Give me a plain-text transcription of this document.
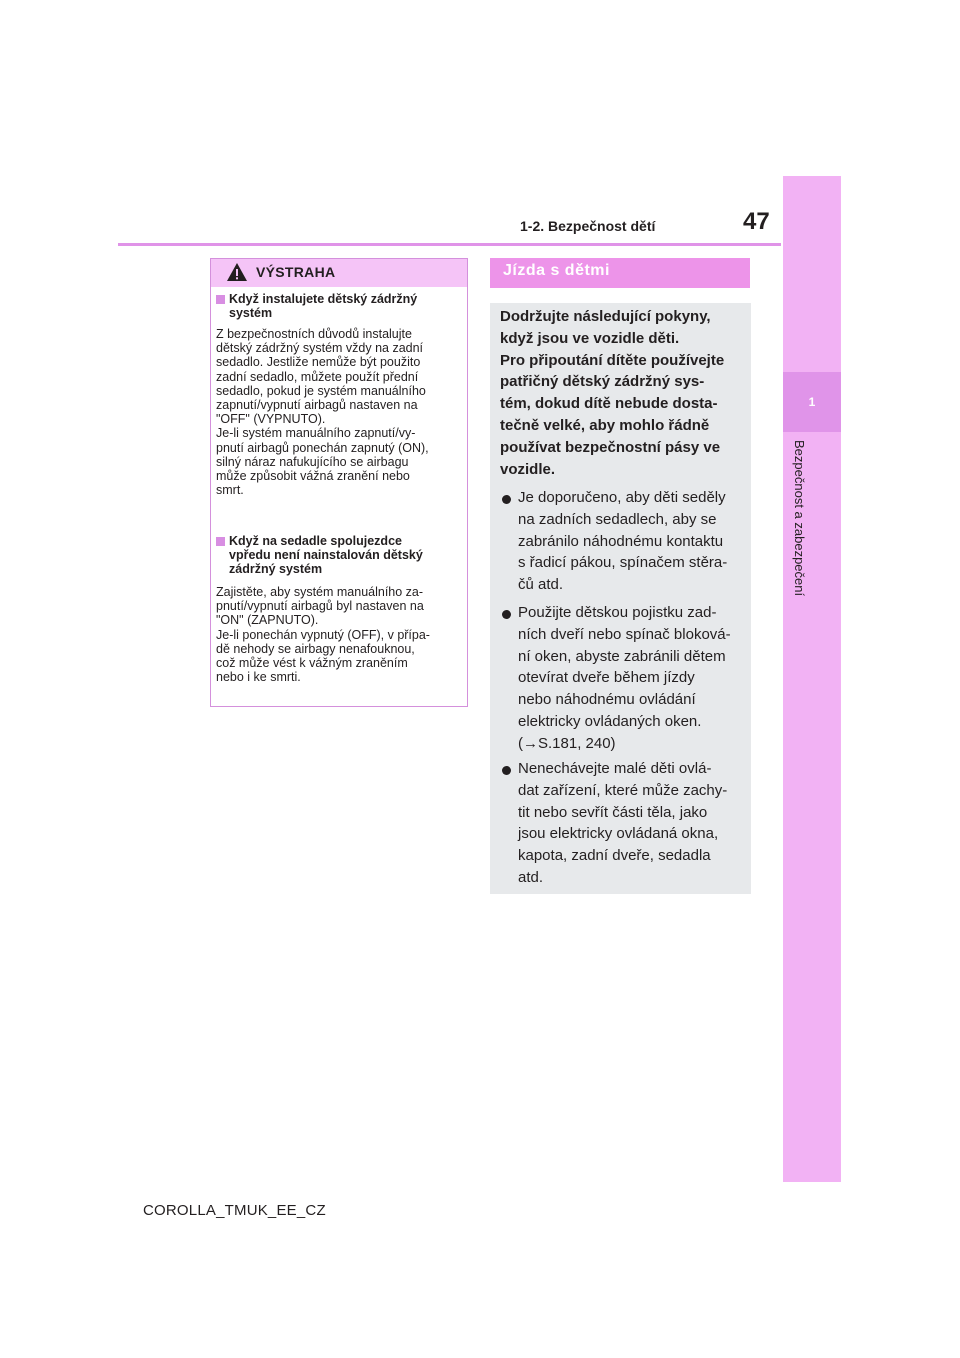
1-2. Bezpečnost dětí	47
1
Bezpečnost a zabezpečení
VÝSTRAHA
Když instalujete dětský zádržný
systém
Z bezpečnostních důvodů instalujte
dětský zádržný systém vždy na zadní
sedadlo. Jestliže nemůže být použito
zadní sedadlo, můžete použít přední
sedadlo, pokud je systém manuálního
zapnutí/vypnutí airbagů nastaven na
"OFF" (VYPNUTO).
Je-li systém manuálního zapnutí/vy-
pnutí airbagů ponechán zapnutý (ON),
silný náraz nafukujícího se airbagu
může způsobit vážná zranění nebo
smrt.
Když na sedadle spolujezdce
vpředu není nainstalován dětský
zádržný systém
Zajistěte, aby systém manuálního za-
pnutí/vypnutí airbagů byl nastaven na
"ON" (ZAPNUTO).
Je-li ponechán vypnutý (OFF), v přípa-
dě nehody se airbagy nenafouknou,
což může vést k vážným zraněním
nebo i ke smrti.
Jízda s dětmi
Dodržujte následující pokyny,
když jsou ve vozidle děti.
Pro připoutání dítěte používejte
patřičný dětský zádržný sys-
tém, dokud dítě nebude dosta-
tečně velké, aby mohlo řádně
používat bezpečnostní pásy ve
vozidle.
Je doporučeno, aby děti seděly
na zadních sedadlech, aby se
zabránilo náhodnému kontaktu
s řadicí pákou, spínačem stěra-
čů atd.
Použijte dětskou pojistku zad-
ních dveří nebo spínač bloková-
ní oken, abyste zabránili dětem
otevírat dveře během jízdy
nebo náhodnému ovládání
elektricky ovládaných oken.
(→S.181, 240)
Nenechávejte malé děti ovlá-
dat zařízení, které může zachy-
tit nebo sevřít části těla, jako
jsou elektricky ovládaná okna,
kapota, zadní dveře, sedadla
atd.
COROLLA_TMUK_EE_CZ
